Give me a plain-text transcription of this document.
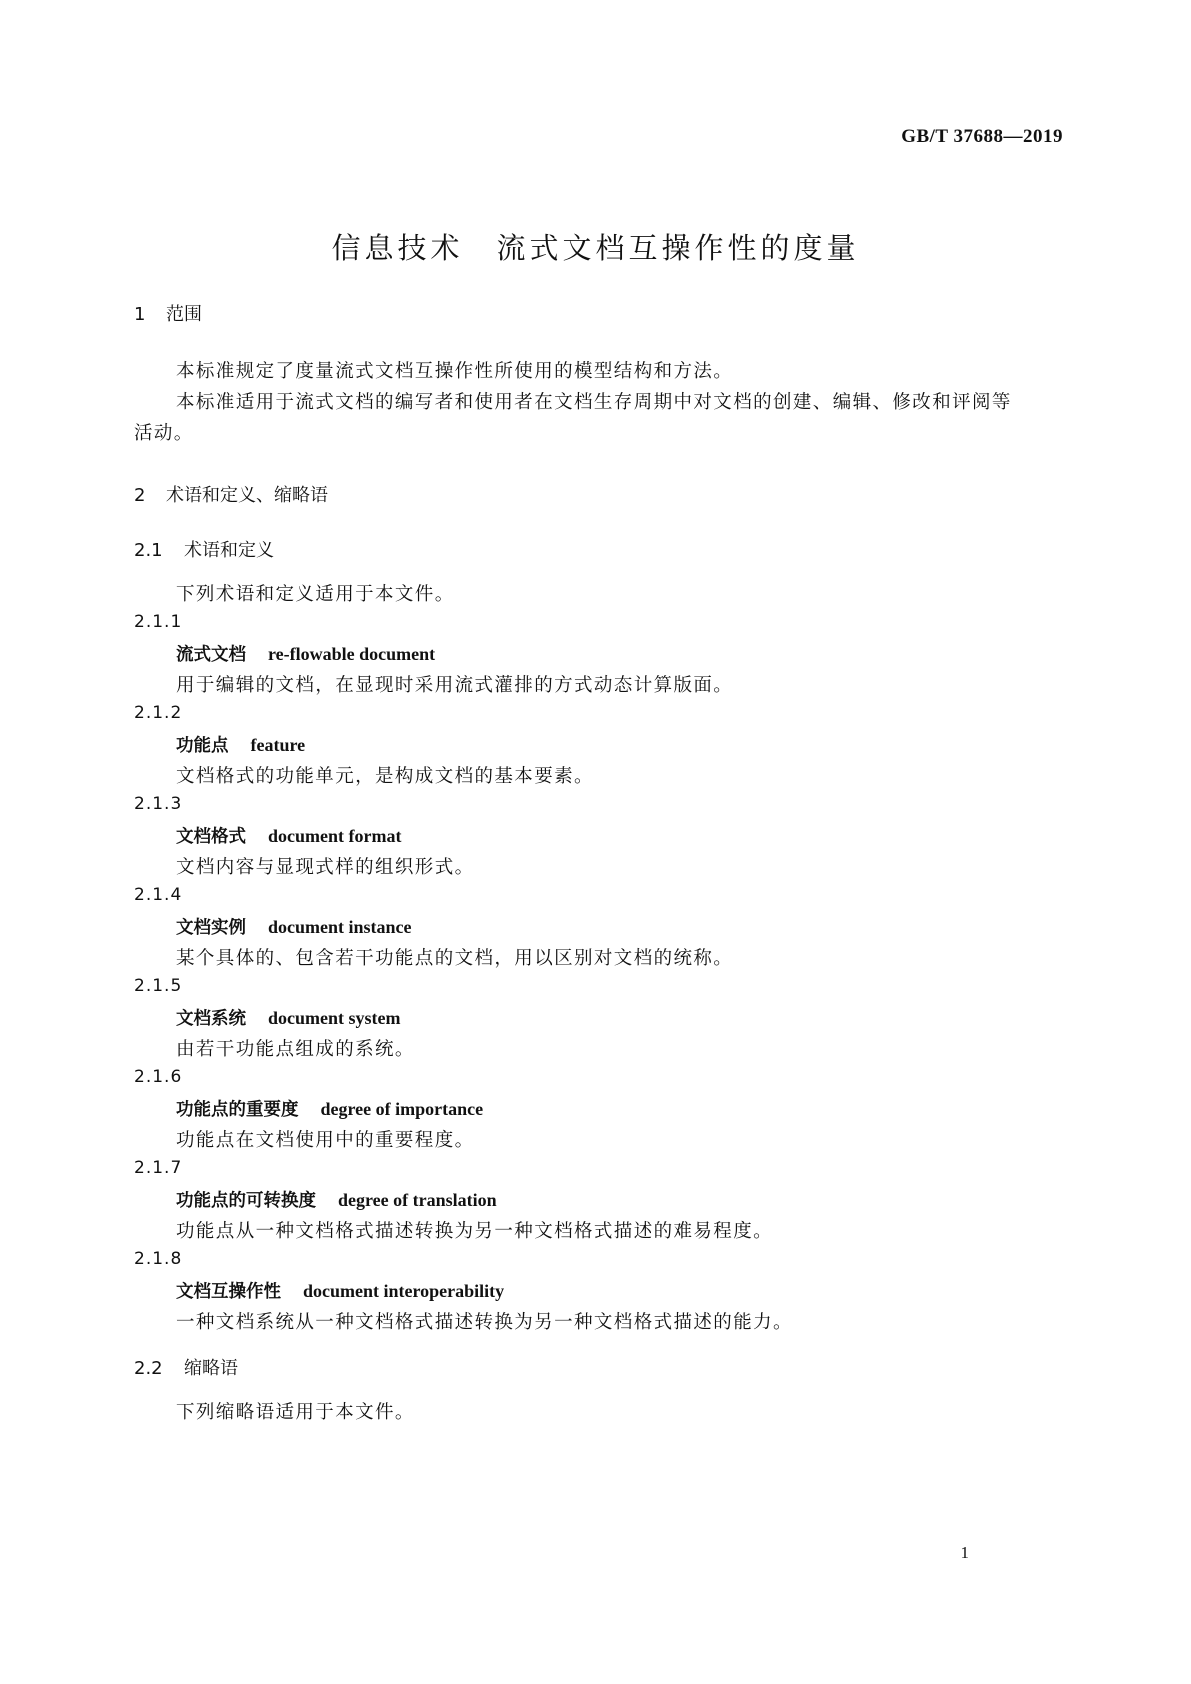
GB/T 37688—2019
信息技术　流式文档互操作性的度量
1 范围
本标准规定了度量流式文档互操作性所使用的模型结构和方法。
本标准适用于流式文档的编写者和使用者在文档生存周期中对文档的创建、编辑、修改和评阅等
活动。
2 术语和定义、缩略语
2.1 术语和定义
下列术语和定义适用于本文件。
2.1.1
流式文档 re-flowable document
用于编辑的文档，在显现时采用流式灌排的方式动态计算版面。
2.1.2
功能点 feature
文档格式的功能单元，是构成文档的基本要素。
2.1.3
文档格式 document format
文档内容与显现式样的组织形式。
2.1.4
文档实例 document instance
某个具体的、包含若干功能点的文档，用以区别对文档的统称。
2.1.5
文档系统 document system
由若干功能点组成的系统。
2.1.6
功能点的重要度 degree of importance
功能点在文档使用中的重要程度。
2.1.7
功能点的可转换度 degree of translation
功能点从一种文档格式描述转换为另一种文档格式描述的难易程度。
2.1.8
文档互操作性 document interoperability
一种文档系统从一种文档格式描述转换为另一种文档格式描述的能力。
2.2 缩略语
下列缩略语适用于本文件。
1
